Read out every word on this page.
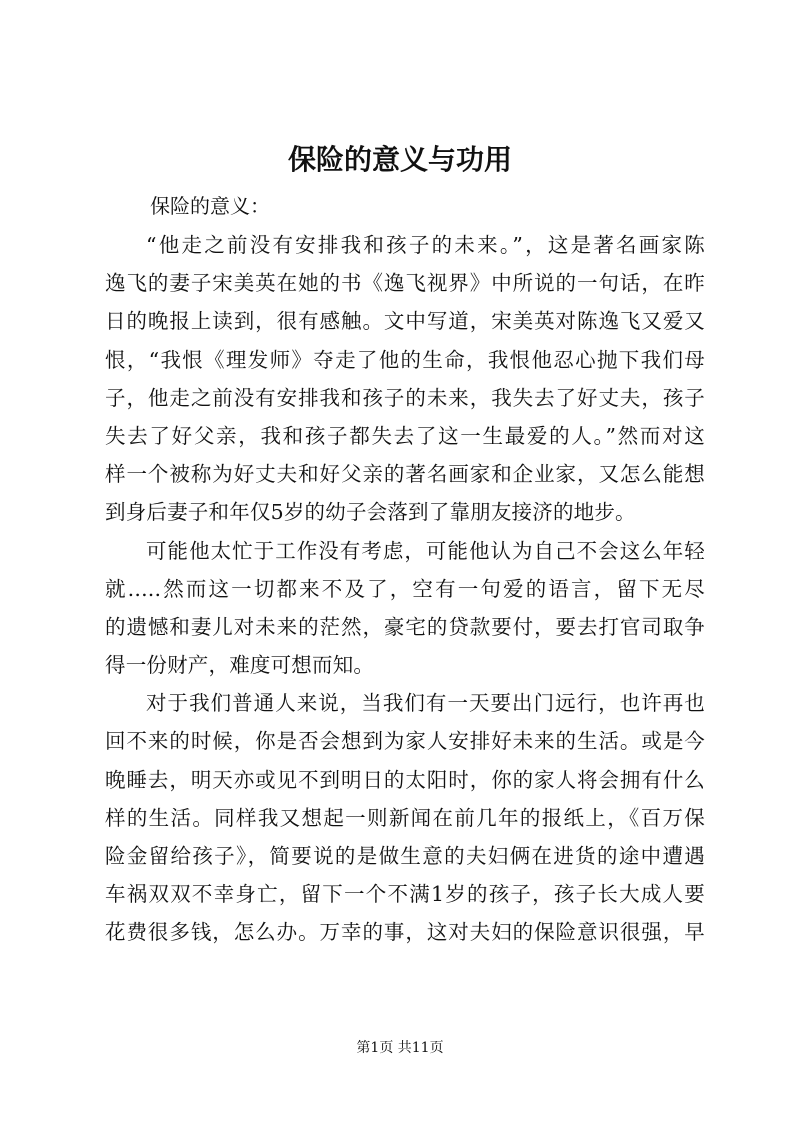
保险的意义与功用
保险的意义：
“他走之前没有安排我和孩子的未来。”，这是著名画家陈
逸飞的妻子宋美英在她的书《逸飞视界》中所说的一句话，在昨
日的晚报上读到，很有感触。文中写道，宋美英对陈逸飞又爱又
恨，“我恨《理发师》夺走了他的生命，我恨他忍心抛下我们母
子，他走之前没有安排我和孩子的未来，我失去了好丈夫，孩子
失去了好父亲，我和孩子都失去了这一生最爱的人。”然而对这
样一个被称为好丈夫和好父亲的著名画家和企业家，又怎么能想
到身后妻子和年仅5岁的幼子会落到了靠朋友接济的地步。
可能他太忙于工作没有考虑，可能他认为自己不会这么年轻
就.....然而这一切都来不及了，空有一句爱的语言，留下无尽
的遗憾和妻儿对未来的茫然，豪宅的贷款要付，要去打官司取争
得一份财产，难度可想而知。
对于我们普通人来说，当我们有一天要出门远行，也许再也
回不来的时候，你是否会想到为家人安排好未来的生活。或是今
晚睡去，明天亦或见不到明日的太阳时，你的家人将会拥有什么
样的生活。同样我又想起一则新闻在前几年的报纸上，《百万保
险金留给孩子》，简要说的是做生意的夫妇俩在进货的途中遭遇
车祸双双不幸身亡，留下一个不满1岁的孩子，孩子长大成人要
花费很多钱，怎么办。万幸的事，这对夫妇的保险意识很强，早
第1页 共11页
